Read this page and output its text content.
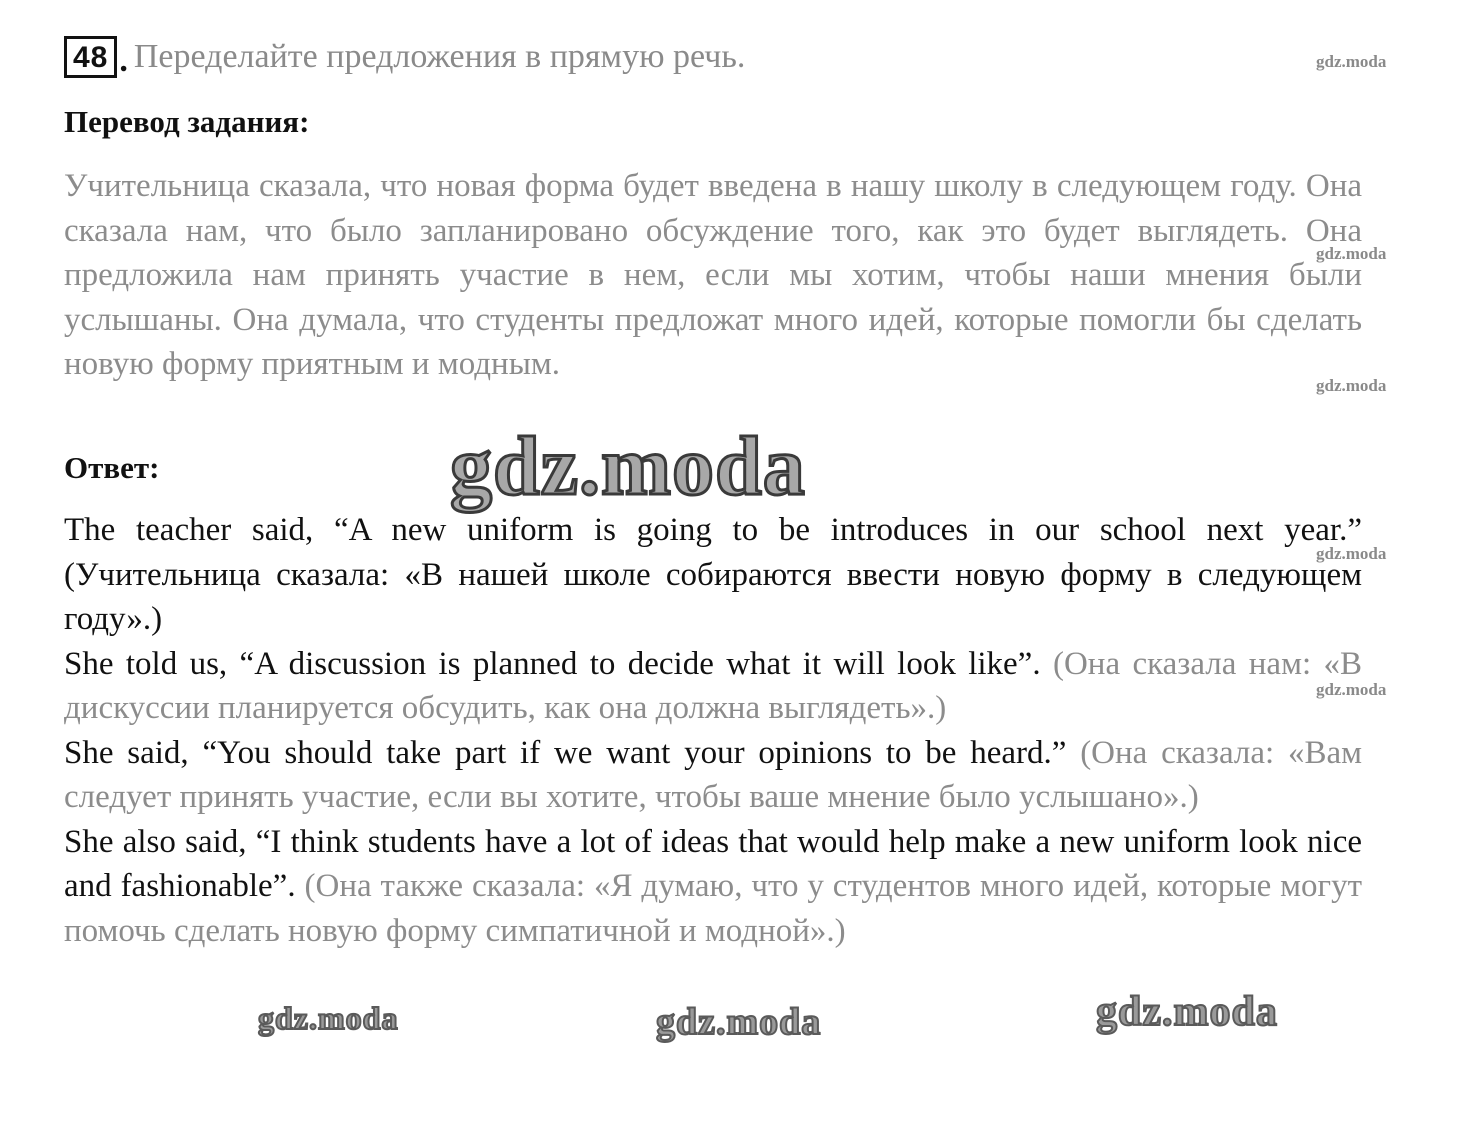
48 . Переделайте предложения в прямую речь.
Перевод задания:

Учительница сказала, что новая форма будет введена в нашу школу в следующем году. Она сказала нам, что было запланировано обсуждение того, как это будет выглядеть. Она предложила нам принять участие в нем, если мы хотим, чтобы наши мнения были услышаны. Она думала, что студенты предложат много идей, которые помогли бы сделать новую форму приятным и модным.

Ответ:

The teacher said, “A new uniform is going to be introduces in our school next year.” (Учительница сказала: «В нашей школе собираются ввести новую форму в следующем году».)

She told us, “A discussion is planned to decide what it will look like”. (Она сказала нам: «В дискуссии планируется обсудить, как она должна выглядеть».)

She said, “You should take part if we want your opinions to be heard.” (Она сказала: «Вам следует принять участие, если вы хотите, чтобы ваше мнение было услышано».)

She also said, “I think students have a lot of ideas that would help make a new uniform look nice and fashionable”. (Она также сказала: «Я думаю, что у студентов много идей, которые могут помочь сделать новую форму симпатичной и модной».)

gdz.moda
gdz.moda
gdz.moda
gdz.moda
gdz.moda
gdz.moda
gdz.moda	gdz.moda	gdz.moda
